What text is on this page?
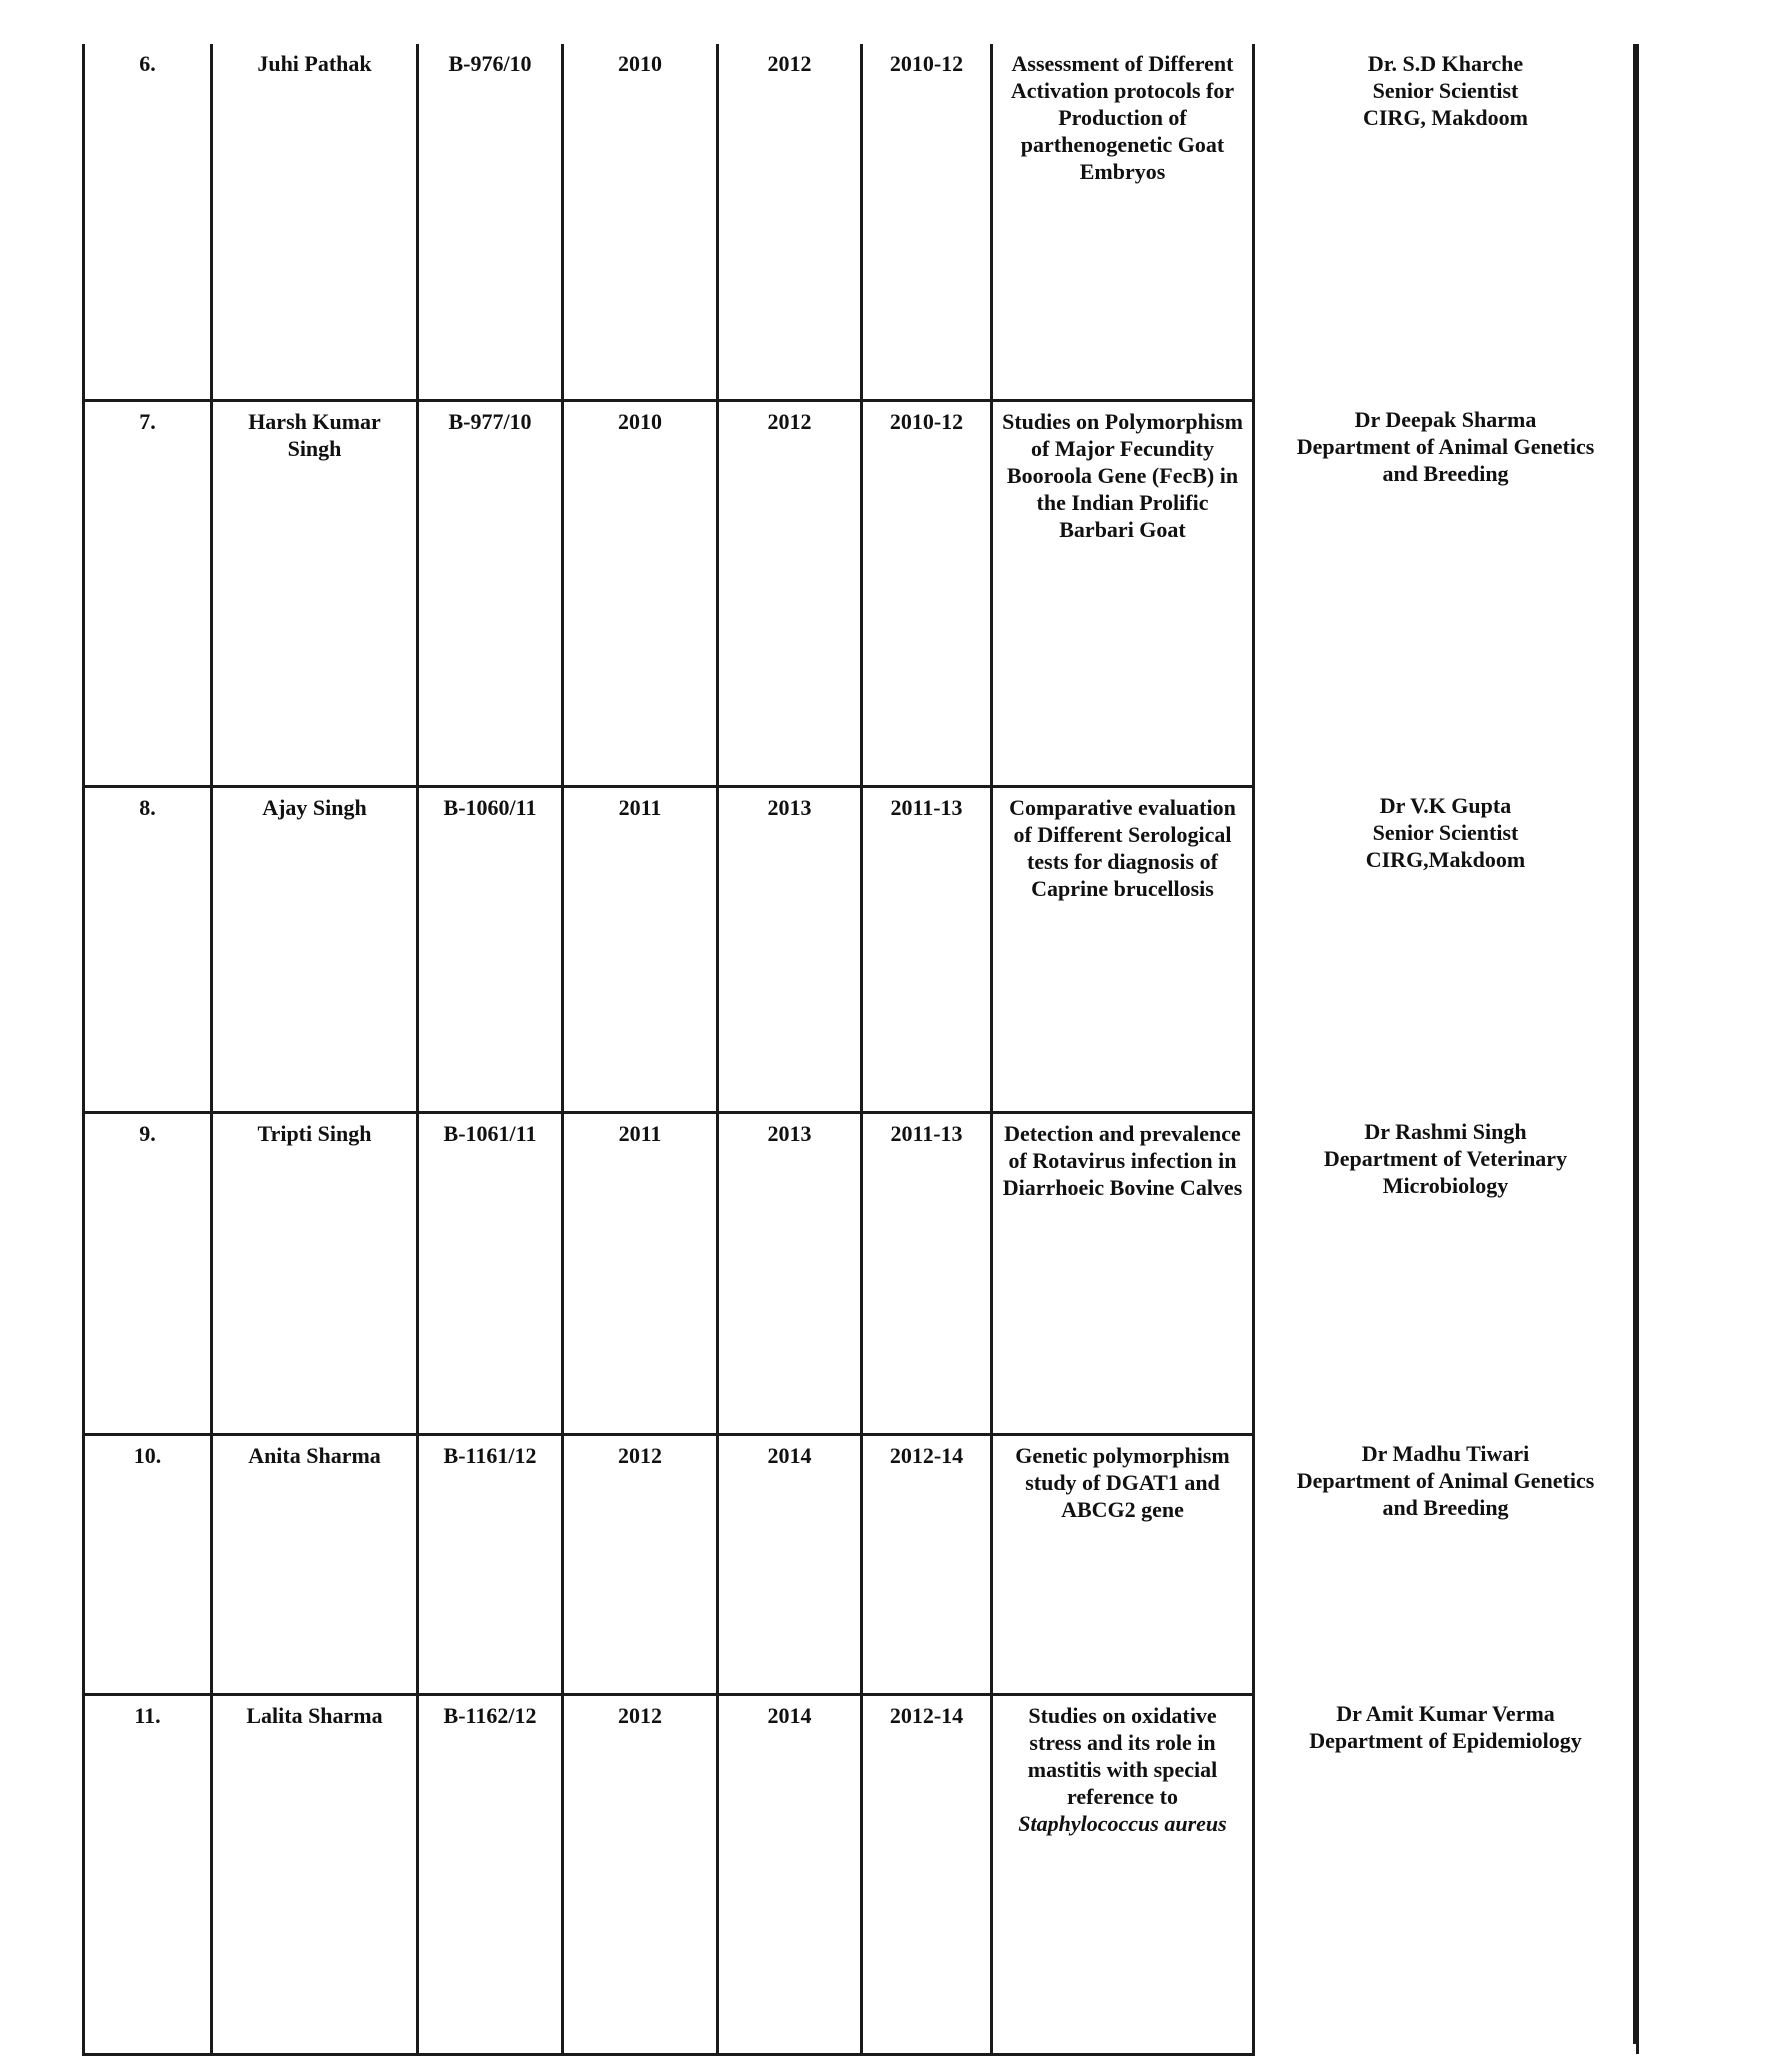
6.	Juhi Pathak	B-976/10	2010	2012	2010-12	Assessment of Different Activation protocols for Production of parthenogenetic Goat Embryos	Dr. S.D Kharche
Senior Scientist
CIRG, Makdoom

7.	Harsh Kumar Singh	B-977/10	2010	2012	2010-12	Studies on Polymorphism of Major Fecundity Booroola Gene (FecB) in the Indian Prolific Barbari Goat	Dr Deepak Sharma
Department of Animal Genetics
and Breeding

8.	Ajay Singh	B-1060/11	2011	2013	2011-13	Comparative evaluation of Different Serological tests for diagnosis of Caprine brucellosis	Dr V.K Gupta
Senior Scientist
CIRG,Makdoom

9.	Tripti Singh	B-1061/11	2011	2013	2011-13	Detection and prevalence of Rotavirus infection in Diarrhoeic Bovine Calves	Dr Rashmi Singh
Department of Veterinary
Microbiology

10.	Anita Sharma	B-1161/12	2012	2014	2012-14	Genetic polymorphism study of DGAT1 and ABCG2 gene	Dr Madhu Tiwari
Department of Animal Genetics
and Breeding

11.	Lalita Sharma	B-1162/12	2012	2014	2012-14	Studies on oxidative stress and its role in mastitis with special reference to Staphylococcus aureus	Dr Amit Kumar Verma
Department of Epidemiology
